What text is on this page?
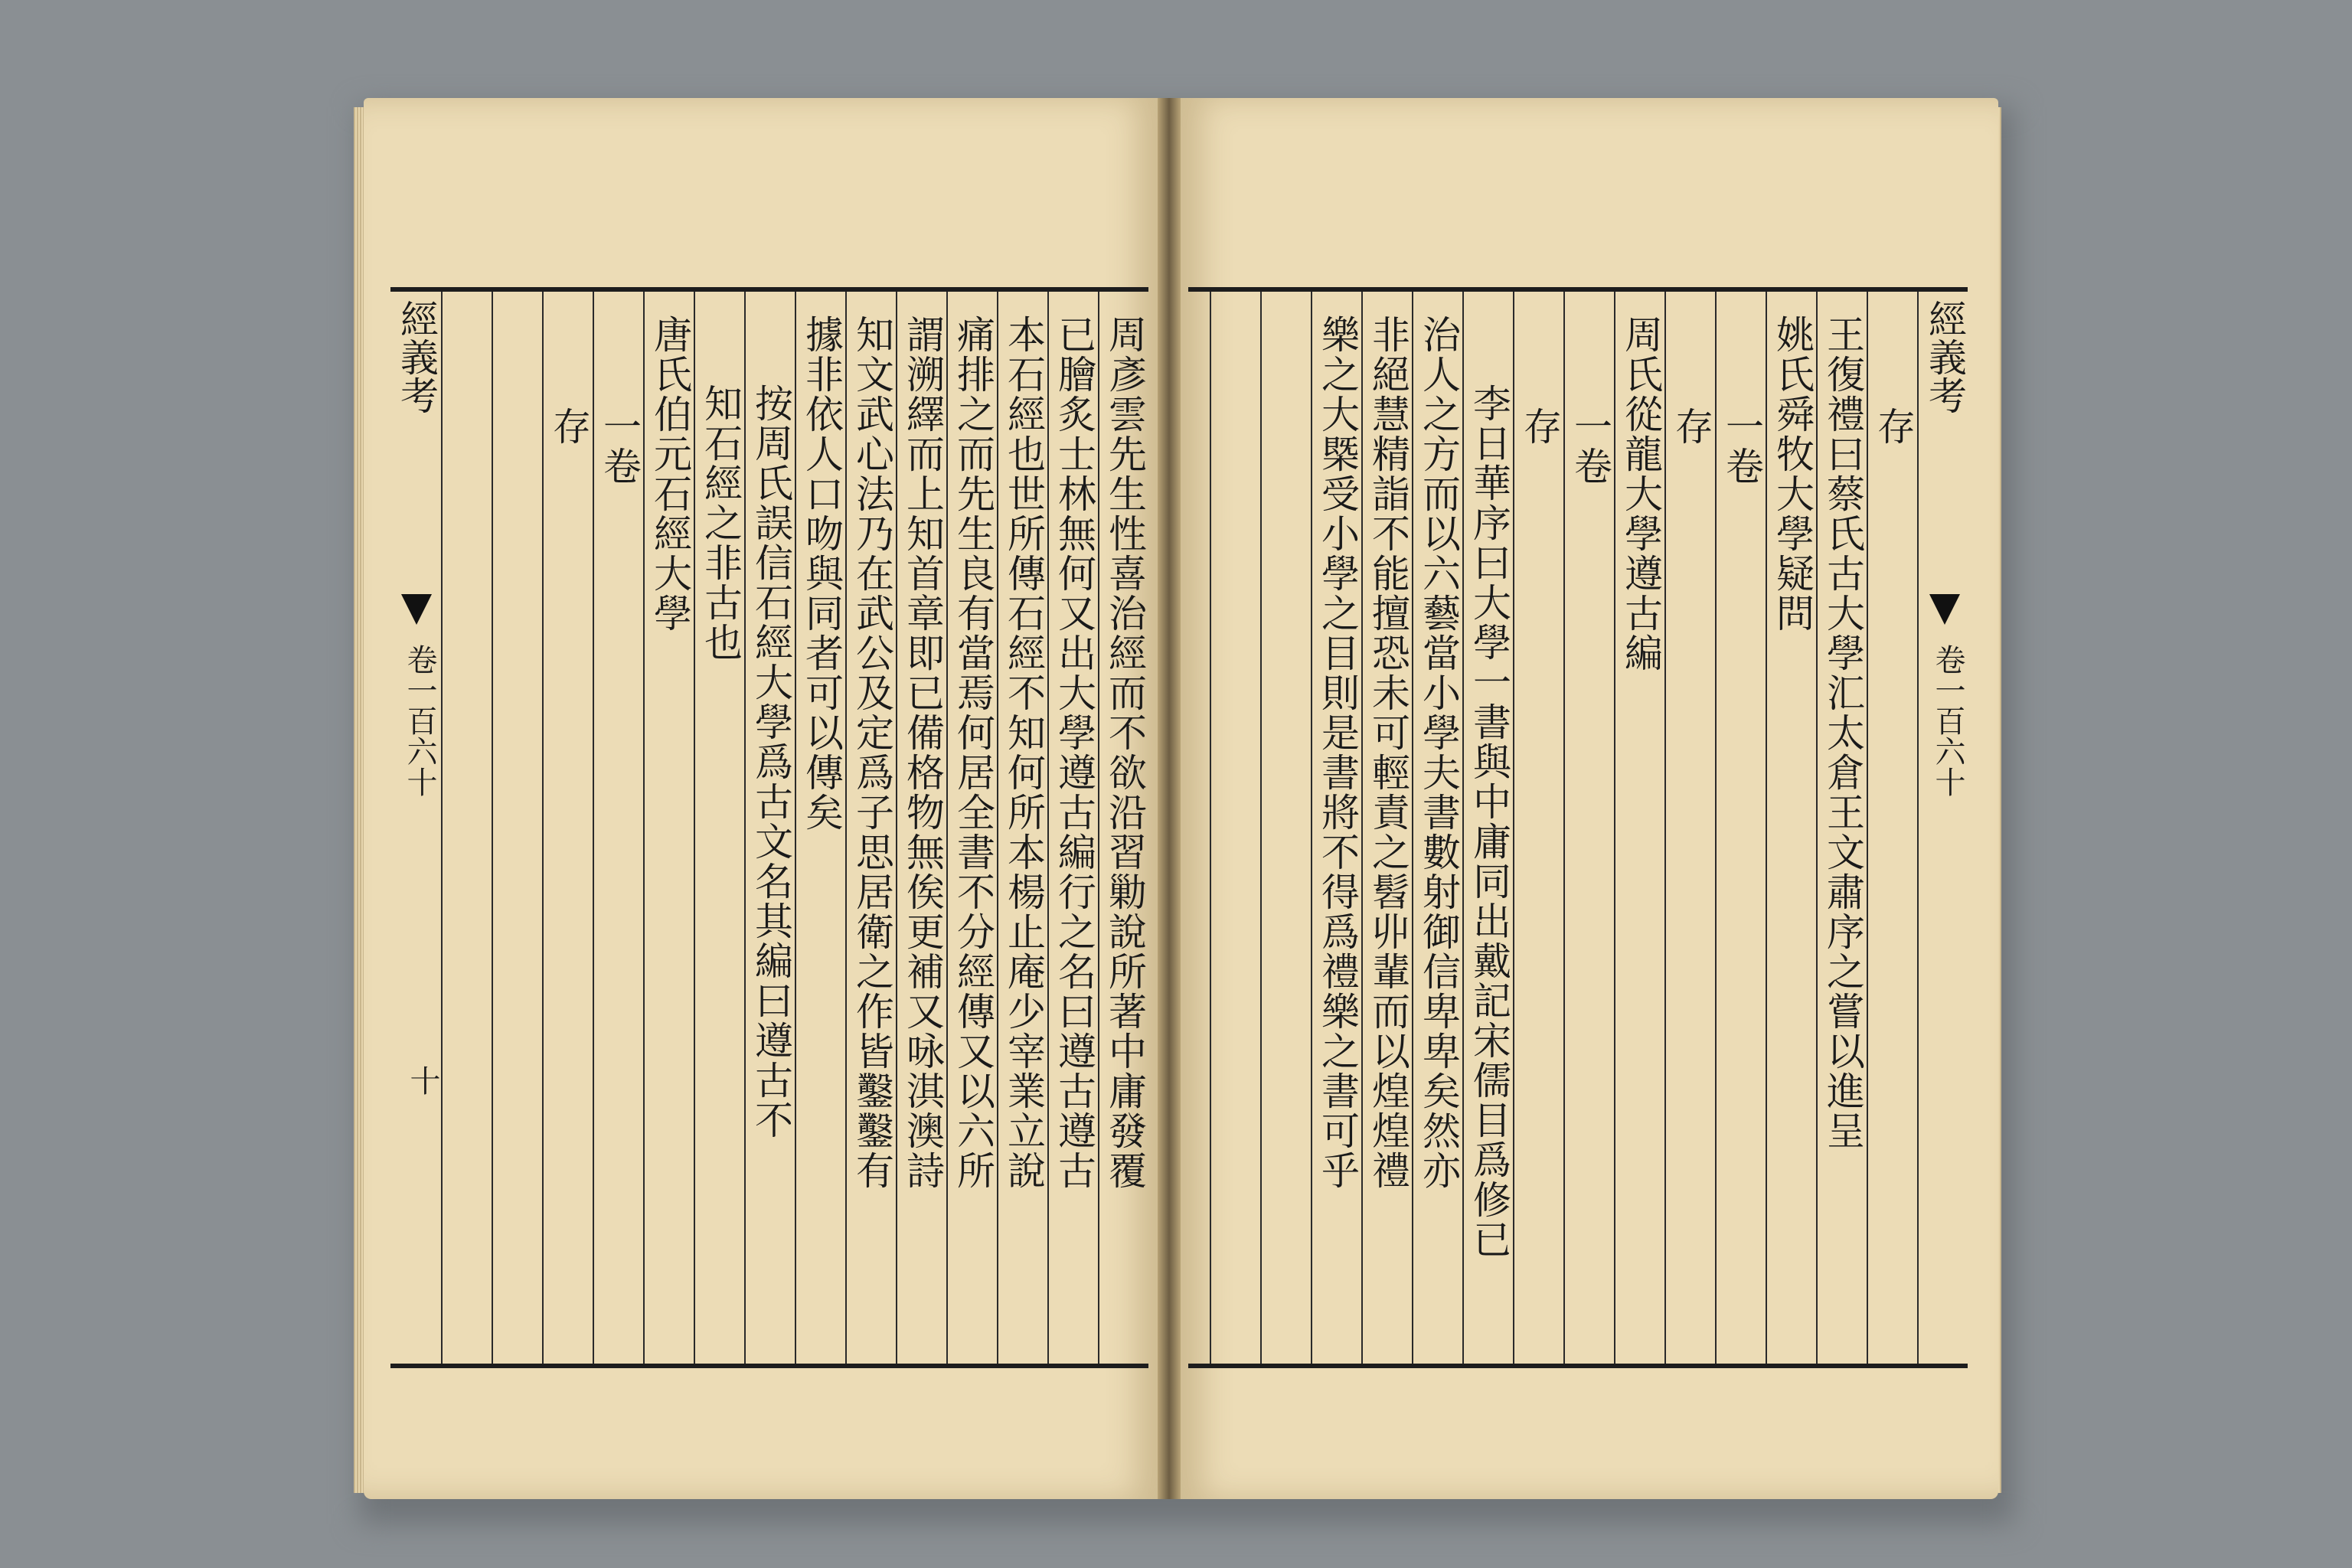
經義考
卷一百六十
十	周彥雲先生性喜治經而不欲沿習勦說所著中庸發覆
已膾炙士林無何又出大學遵古編行之名曰遵古遵古
本石經也世所傳石經不知何所本楊止庵少宰業立說
痛排之而先生良有當焉何居全書不分經傳又以六所
謂溯繹而上知首章即已備格物無俟更補又咏淇澳詩
知文武心法乃在武公及定爲子思居衛之作皆鑿鑿有
據非依人口吻與同者可以傳矣
按周氏誤信石經大學爲古文名其編曰遵古不
知石經之非古也
唐氏伯元石經大學
一卷
存
經義考
卷一百六十
存
王復禮曰蔡氏古大學汇太倉王文肅序之嘗以進呈
姚氏舜牧大學疑問
一卷
存
周氏從龍大學遵古編
一卷
存
李日華序曰大學一書與中庸同出戴記宋儒目爲修已
治人之方而以六藝當小學夫書數射御信卑卑矣然亦
非絕慧精詣不能擅恐未可輕責之髫丱輩而以煌煌禮
樂之大槩受小學之目則是書將不得爲禮樂之書可乎
